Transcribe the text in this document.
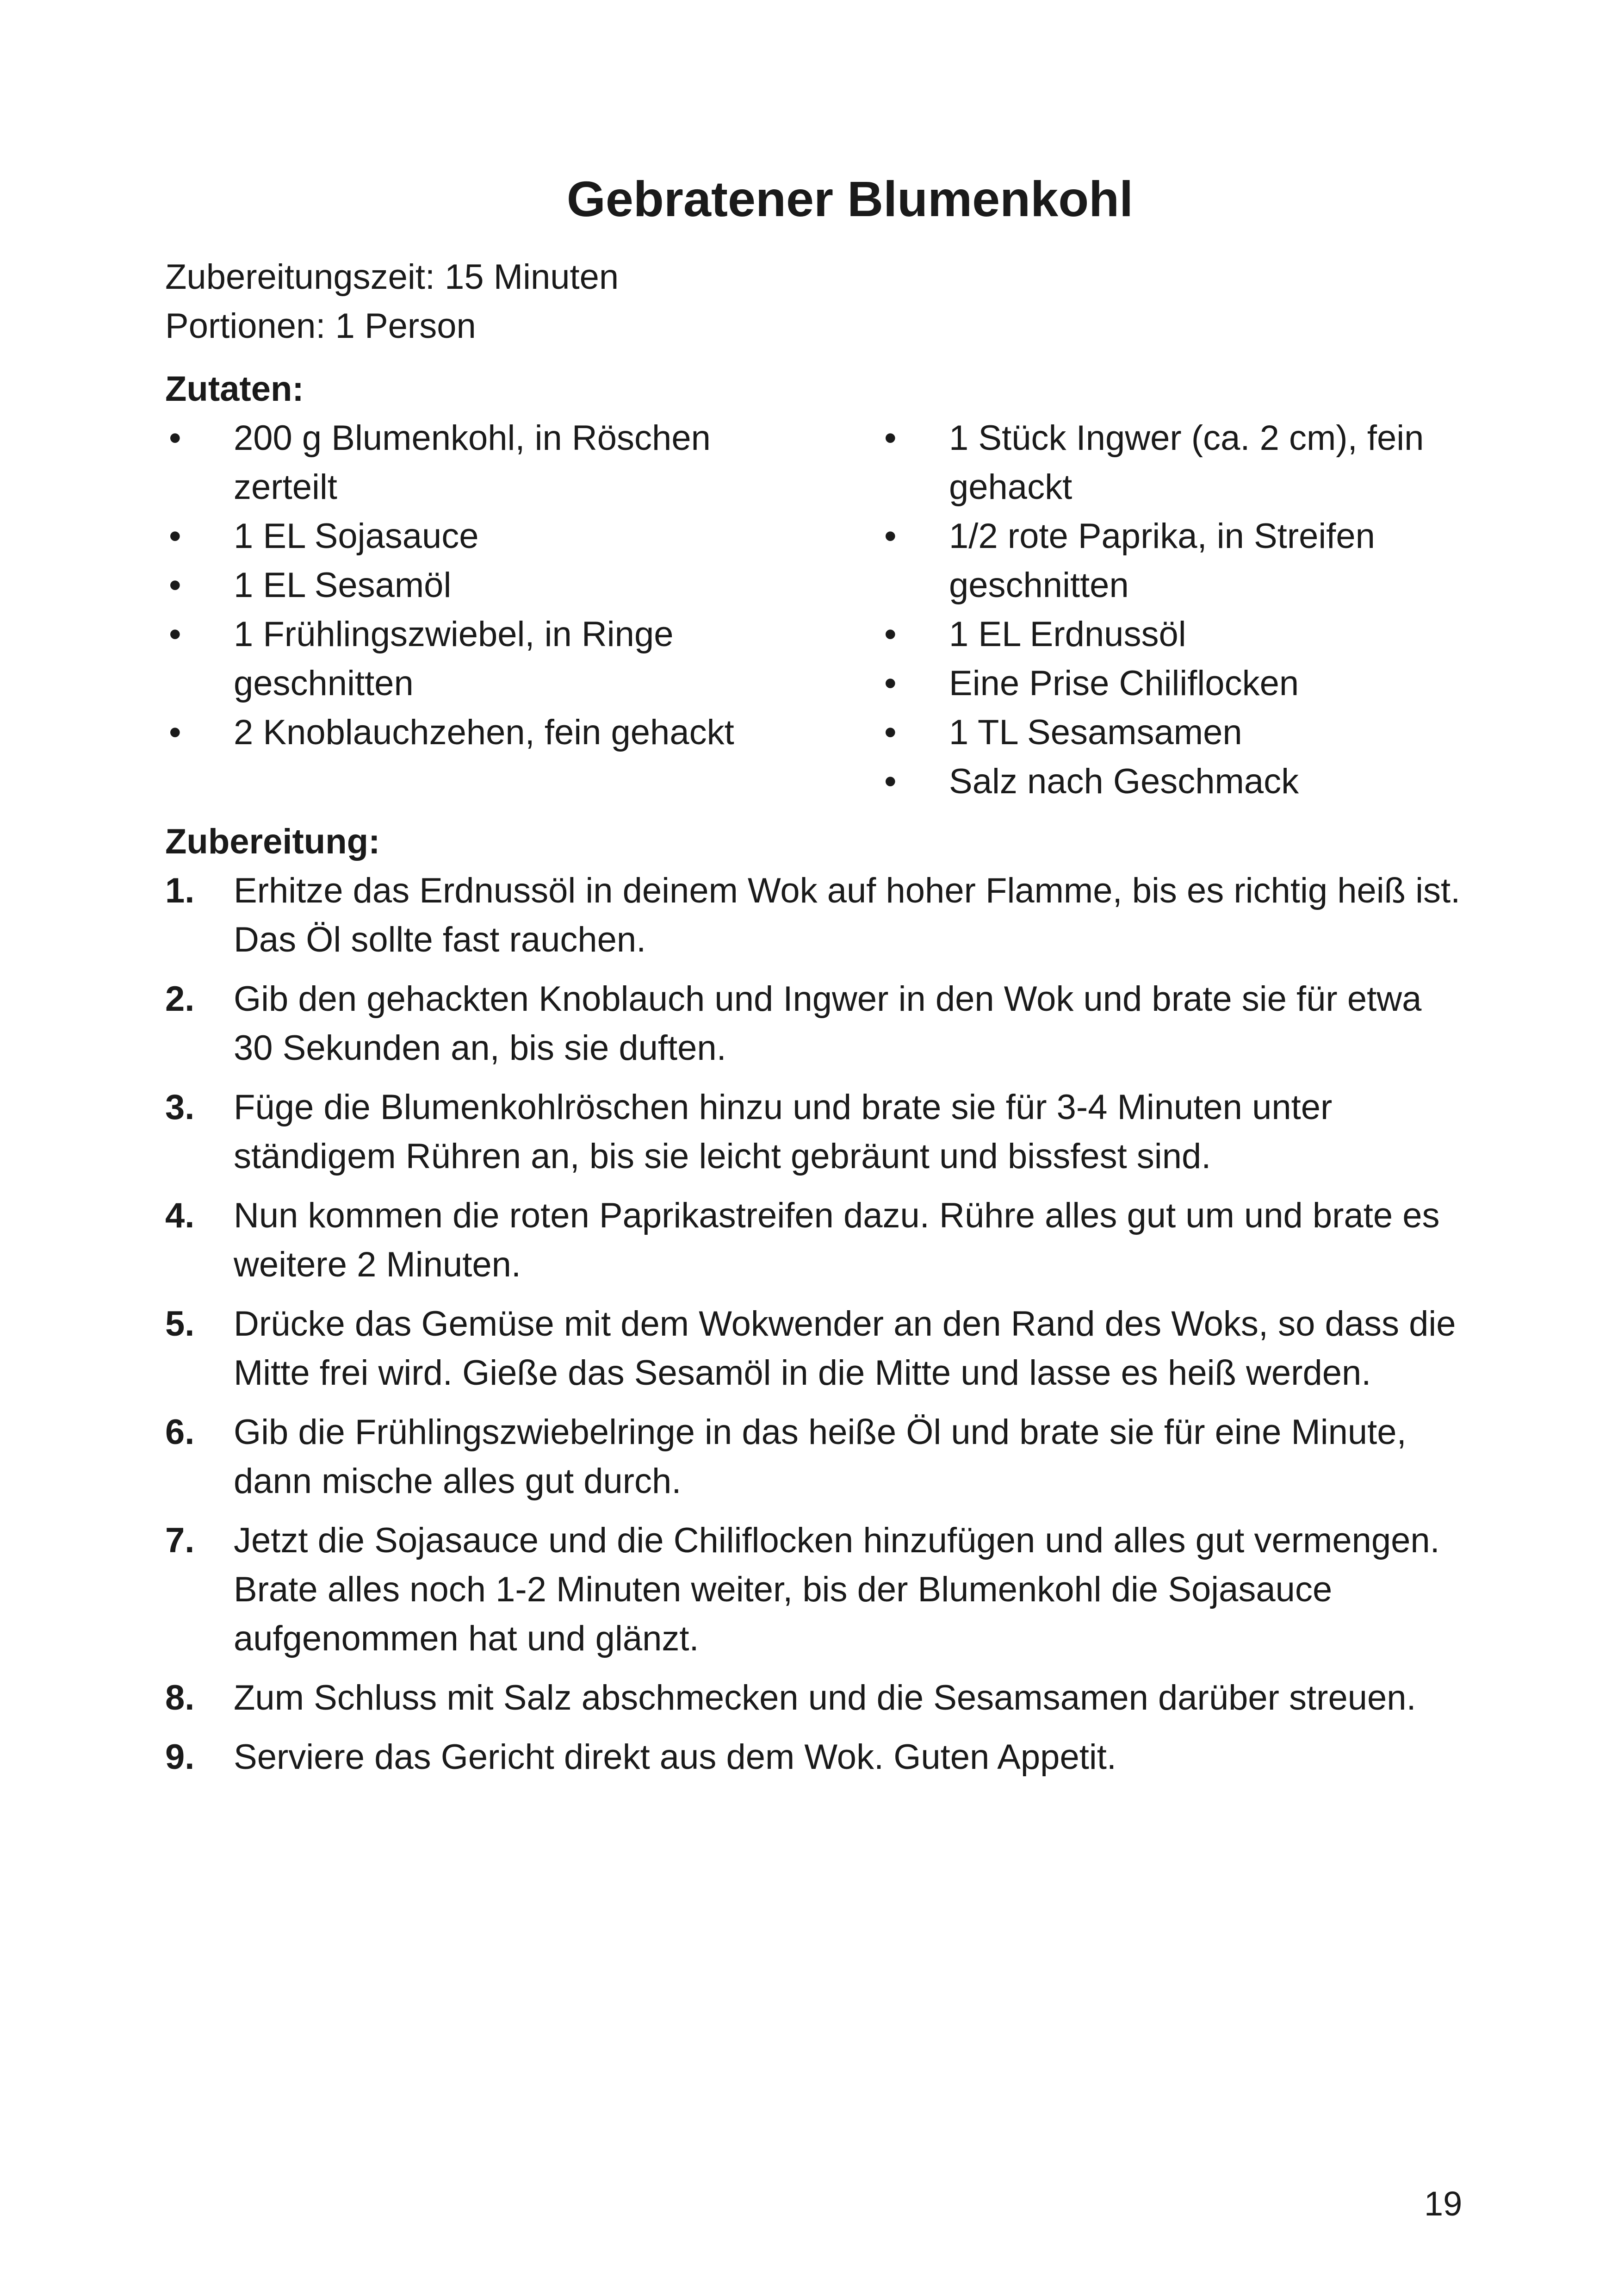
Gebratener Blumenkohl
Zubereitungszeit: 15 Minuten
Portionen: 1 Person
Zutaten:
• 200 g Blumenkohl, in Röschen zerteilt
• 1 EL Sojasauce
• 1 EL Sesamöl
• 1 Frühlingszwiebel, in Ringe geschnitten
• 2 Knoblauchzehen, fein gehackt
• 1 Stück Ingwer (ca. 2 cm), fein gehackt
• 1/2 rote Paprika, in Streifen geschnitten
• 1 EL Erdnussöl
• Eine Prise Chiliflocken
• 1 TL Sesamsamen
• Salz nach Geschmack
Zubereitung:
1. Erhitze das Erdnussöl in deinem Wok auf hoher Flamme, bis es richtig heiß ist. Das Öl sollte fast rauchen.
2. Gib den gehackten Knoblauch und Ingwer in den Wok und brate sie für etwa 30 Sekunden an, bis sie duften.
3. Füge die Blumenkohlröschen hinzu und brate sie für 3-4 Minuten unter ständigem Rühren an, bis sie leicht gebräunt und bissfest sind.
4. Nun kommen die roten Paprikastreifen dazu. Rühre alles gut um und brate es weitere 2 Minuten.
5. Drücke das Gemüse mit dem Wokwender an den Rand des Woks, so dass die Mitte frei wird. Gieße das Sesamöl in die Mitte und lasse es heiß werden.
6. Gib die Frühlingszwiebelringe in das heiße Öl und brate sie für eine Minute, dann mische alles gut durch.
7. Jetzt die Sojasauce und die Chiliflocken hinzufügen und alles gut vermengen. Brate alles noch 1-2 Minuten weiter, bis der Blumenkohl die Sojasauce aufgenommen hat und glänzt.
8. Zum Schluss mit Salz abschmecken und die Sesamsamen darüber streuen.
9. Serviere das Gericht direkt aus dem Wok. Guten Appetit.
19
